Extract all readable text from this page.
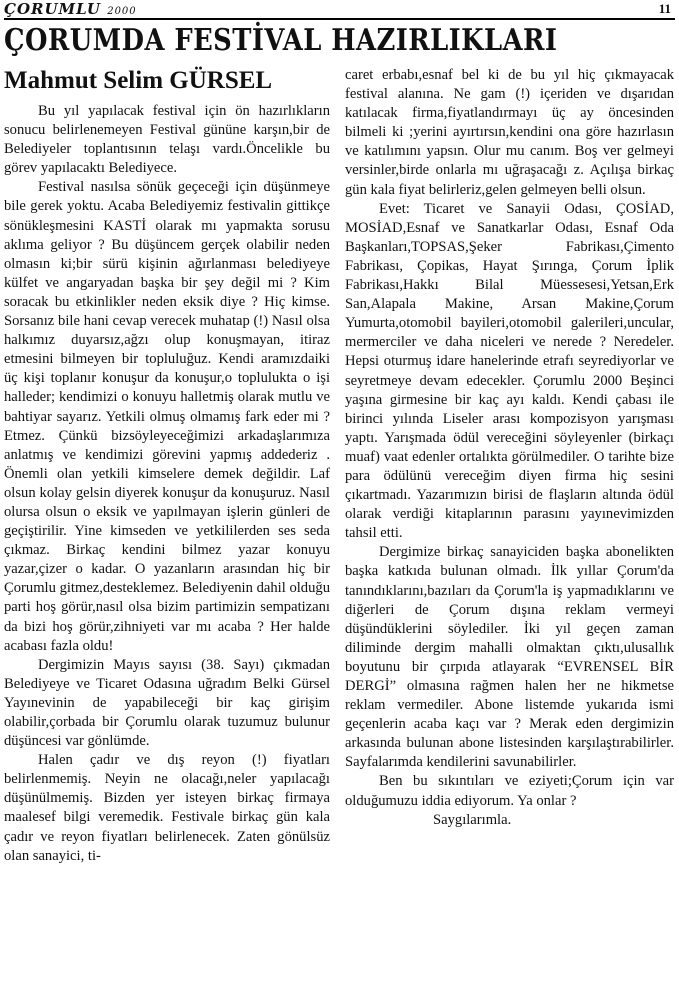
ÇORUMLU 2000	11
ÇORUMDA FESTİVAL HAZIRLIKLARI
Mahmut Selim GÜRSEL

Bu yıl yapılacak festival için ön hazırlıkların sonucu belirlenemeyen Festival gününe karşın,bir de Belediyeler toplantısının telaşı vardı.Öncelikle bu görev yapılacaktı Belediyece.

Festival nasılsa sönük geçeceği için düşünmeye bile gerek yoktu. Acaba Belediyemiz festivalin gittikçe sönükleşmesini KASTİ olarak mı yapmakta sorusu aklıma geliyor ? Bu düşüncem gerçek olabilir neden olmasın ki;bir sürü kişinin ağırlanması belediyeye külfet ve angaryadan başka bir şey değil mi ? Kim soracak bu etkinlikler neden eksik diye ? Hiç kimse. Sorsanız bile hani cevap verecek muhatap (!) Nasıl olsa halkımız duyarsız,ağzı olup konuşmayan, itiraz etmesini bilmeyen bir topluluğuz. Kendi aramızdaiki üç kişi toplanır konuşur da konuşur,o toplulukta o işi halleder; kendimizi o konuyu halletmiş olarak mutlu ve bahtiyar sayarız. Yetkili olmuş olmamış fark eder mi ? Etmez. Çünkü bizsöyleyeceğimizi arkadaşlarımıza anlatmış ve kendimizi görevini yapmış addederiz . Önemli olan yetkili kimselere demek değildir. Laf olsun kolay gelsin diyerek konuşur da konuşuruz. Nasıl olursa olsun o eksik ve yapılmayan işlerin günleri de geçiştirilir. Yine kimseden ve yetkililerden ses seda çıkmaz. Birkaç kendini bilmez yazar konuyu yazar,çizer o kadar. O yazanların arasından hiç bir Çorumlu gitmez,desteklemez. Belediyenin dahil olduğu parti hoş görür,nasıl olsa bizim partimizin sempatizanı da bizi hoş görür,zihniyeti var mı acaba ? Her halde acabası fazla oldu!

Dergimizin Mayıs sayısı (38. Sayı) çıkmadan Belediyeye ve Ticaret Odasına uğradım Belki Gürsel Yayınevinin de yapabileceği bir kaç girişim olabilir,çorbada bir Çorumlu olarak tuzumuz bulunur düşüncesi var gönlümde.

Halen çadır ve dış reyon (!) fiyatları belirlenmemiş. Neyin ne olacağı,neler yapılacağı düşünülmemiş. Bizden yer isteyen birkaç firmaya maalesef bilgi veremedik. Festivale birkaç gün kala çadır ve reyon fiyatları belirlenecek. Zaten gönülsüz olan sanayici, ti-

caret erbabı,esnaf bel ki de bu yıl hiç çıkmayacak festival alanına. Ne gam (!) içeriden ve dışarıdan katılacak firma,fiyatlandırmayı üç ay öncesinden bilmeli ki ;yerini ayırtırsın,kendini ona göre hazırlasın ve katılımını yapsın. Olur mu canım. Boş ver gelmeyi versinler,birde onlarla mı uğraşacağı z. Açılışa birkaç gün kala fiyat belirleriz,gelen gelmeyen belli olsun.

Evet: Ticaret ve Sanayii Odası, ÇOSİAD, MOSİAD,Esnaf ve Sanatkarlar Odası, Esnaf Oda Başkanları,TOPSAS,Şeker Fabrikası,Çimento Fabrikası, Çopikas, Hayat Şırınga, Çorum İplik Fabrikası,Hakkı Bilal Müessesesi,Yetsan,Erk San,Alapala Makine, Arsan Makine,Çorum Yumurta,otomobil bayileri,otomobil galerileri,uncular, mermerciler ve daha niceleri ve nerede ? Neredeler. Hepsi oturmuş idare hanelerinde etrafı seyrediyorlar ve seyretmeye devam edecekler. Çorumlu 2000 Beşinci yaşına girmesine bir kaç ayı kaldı. Kendi çabası ile birinci yılında Liseler arası kompozisyon yarışması yaptı. Yarışmada ödül vereceğini söyleyenler (birkaçı muaf) vaat edenler ortalıkta görülmediler. O tarihte bize para ödülünü vereceğim diyen firma hiç sesini çıkartmadı. Yazarımızın birisi de flaşların altında ödül olarak verdiği kitaplarının parasını yayınevimizden tahsil etti.

Dergimize birkaç sanayiciden başka abonelikten başka katkıda bulunan olmadı. İlk yıllar Çorum'da tanındıklarını,bazıları da Çorum'la iş yapmadıklarını ve diğerleri de Çorum dışına reklam vermeyi düşündüklerini söylediler. İki yıl geçen zaman diliminde dergim mahalli olmaktan çıktı,ulusallık boyutunu bir çırpıda atlayarak “EVRENSEL BİR DERGİ” olmasına rağmen halen her ne hikmetse reklam vermediler. Abone listemde yukarıda ismi geçenlerin acaba kaçı var ? Merak eden dergimizin arkasında bulunan abone listesinden karşılaştırabilirler. Sayfalarımda kendilerini savunabilirler.

Ben bu sıkıntıları ve eziyeti;Çorum için var olduğumuzu iddia ediyorum. Ya onlar ?

Saygılarımla.
